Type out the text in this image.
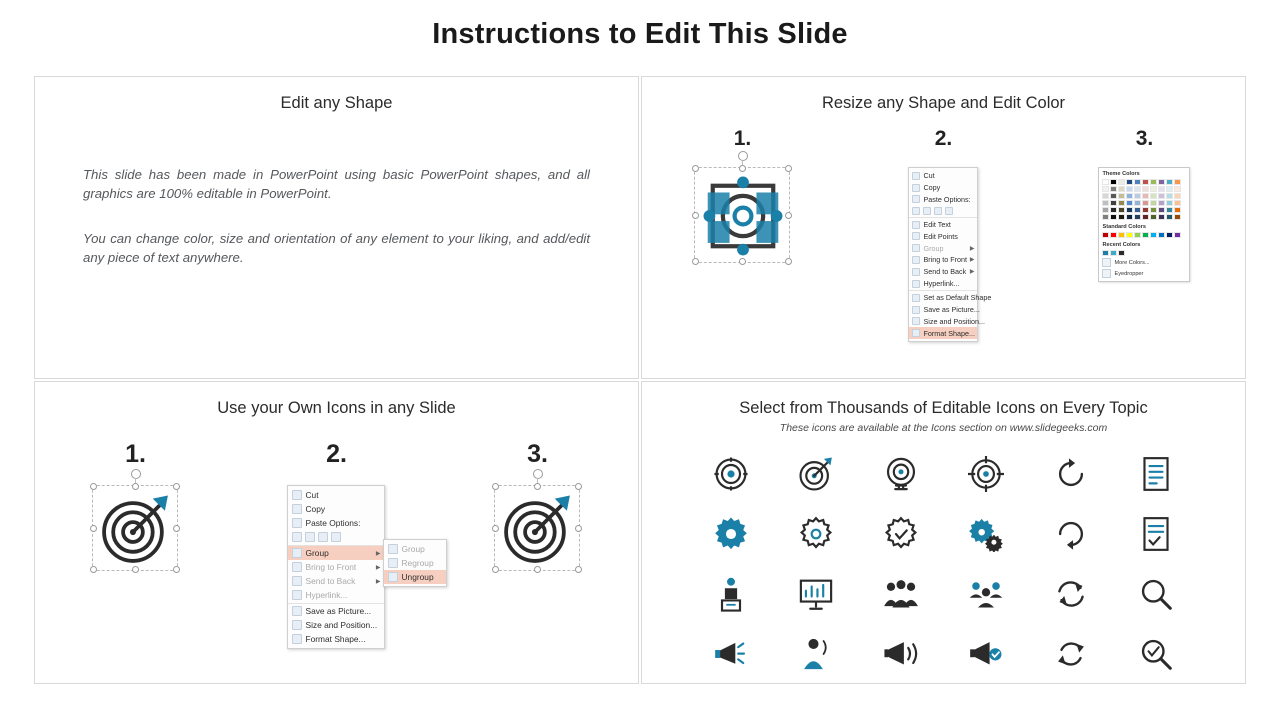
Instructions to Edit This Slide
Edit any Shape

This slide has been made in PowerPoint using basic PowerPoint shapes, and all graphics are 100% editable in PowerPoint.

You can change color, size and orientation of any element to your liking, and add/edit any piece of text anywhere.

Resize any Shape and Edit Color
1.	2.
Cut
Copy
Paste Options:
Edit Text
Edit Points
Group	▶
Bring to Front ▶
Send to Back ▶
Hyperlink...
Set as Default Shape
Save as Picture...
Size and Position...
Format Shape...
3.
Theme Colors
Standard Colors
Recent Colors
More Colors...
Eyedropper
Use your Own Icons in any Slide
1.	2.
Cut
Copy
Paste Options:
Group	▶
Bring to Front	▶
Send to Back	▶
Hyperlink...
Save as Picture...
Size and Position...
Format Shape...
Group
Regroup
Ungroup
3.
Select from Thousands of Editable Icons on Every Topic
These icons are available at the Icons section on www.slidegeeks.com
